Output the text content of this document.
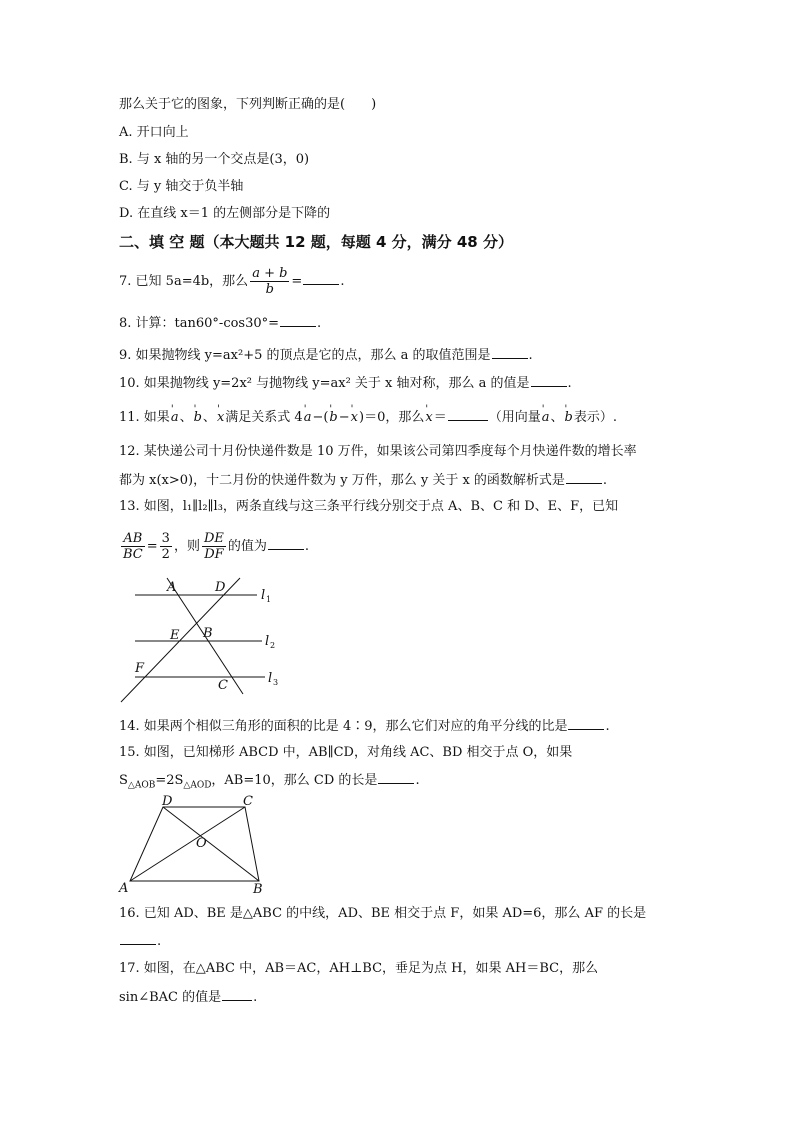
那么关于它的图象，下列判断正确的是(　　)
A. 开口向上
B. 与 x 轴的另一个交点是(3，0)
C. 与 y 轴交于负半轴
D. 在直线 x＝1 的左侧部分是下降的
二、填 空 题（本大题共 12 题，每题 4 分，满分 48 分）
7. 已知 5a=4b，那么 $\frac{a + b}{b}$ =	.
8. 计算：tan60°-cos30°=	.
9. 如果抛物线 y=ax²+5 的顶点是它的点，那么 a 的取值范围是	.
10. 如果抛物线 y=2x² 与抛物线 y=ax² 关于 x 轴对称，那么 a 的值是	.
11. 如果' a、' b、' x满足关系式 4' a−(' b−' x)＝0，那么' x＝	（用向量' a、' b表示）.
12. 某快递公司十月份快递件数是 10 万件，如果该公司第四季度每个月快递件数的增长率
都为 x(x>0)，十二月份的快递件数为 y 万件，那么 y 关于 x 的函数解析式是	.
13. 如图，l₁∥l₂∥l₃，两条直线与这三条平行线分别交于点 A、B、C 和 D、E、F，已知
$\frac{AB}{BC} = \frac{3}{2}$ ，则 $\frac{DE}{DF}$ 的值为	.
A	D
l 1
E B
l 2
F
C	l 3
14. 如果两个相似三角形的面积的比是 4∶9，那么它们对应的角平分线的比是	.
15. 如图，已知梯形 ABCD 中，AB∥CD，对角线 AC、BD 相交于点 O，如果
$S_{\triangle AOB}=2S_{\triangle AOD}$，AB=10，那么 CD 的长是	.
D	C
O
A	B
16. 已知 AD、BE 是△ABC 的中线，AD、BE 相交于点 F，如果 AD=6，那么 AF 的长是
.
17. 如图，在△ABC 中，AB＝AC，AH⊥BC，垂足为点 H，如果 AH＝BC，那么
sin∠BAC 的值是 .
